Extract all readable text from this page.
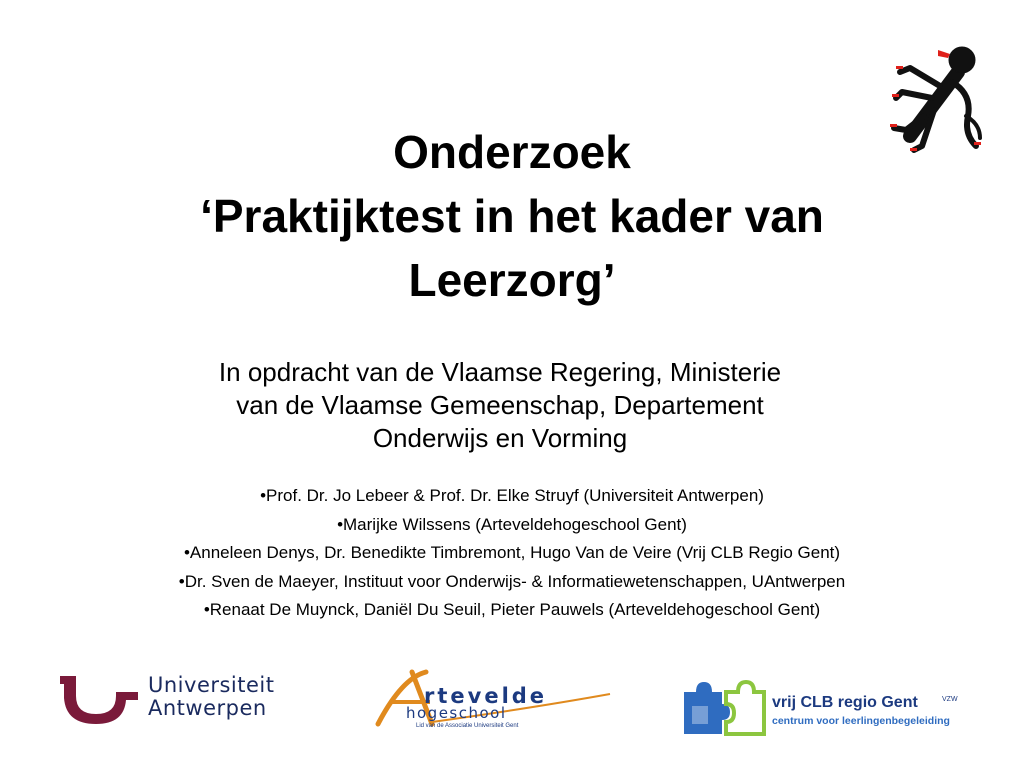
Onderzoek
‘Praktijktest in het kader van
Leerzorg’
In opdracht van de Vlaamse Regering, Ministerie
van de Vlaamse Gemeenschap, Departement
Onderwijs en Vorming
•Prof. Dr. Jo Lebeer & Prof. Dr. Elke Struyf (Universiteit Antwerpen)
•Marijke Wilssens (Arteveldehogeschool Gent)
•Anneleen Denys, Dr. Benedikte Timbremont, Hugo Van de Veire (Vrij CLB Regio Gent)
•Dr. Sven de Maeyer, Instituut voor Onderwijs- & Informatiewetenschappen, UAntwerpen
•Renaat De Muynck, Daniël Du Seuil, Pieter Pauwels (Arteveldehogeschool Gent)
Universiteit
Antwerpen	rtevelde
hogeschool
Lid van de Associatie Universiteit Gent
vrij CLB regio Gent	VZW
centrum voor leerlingenbegeleiding
